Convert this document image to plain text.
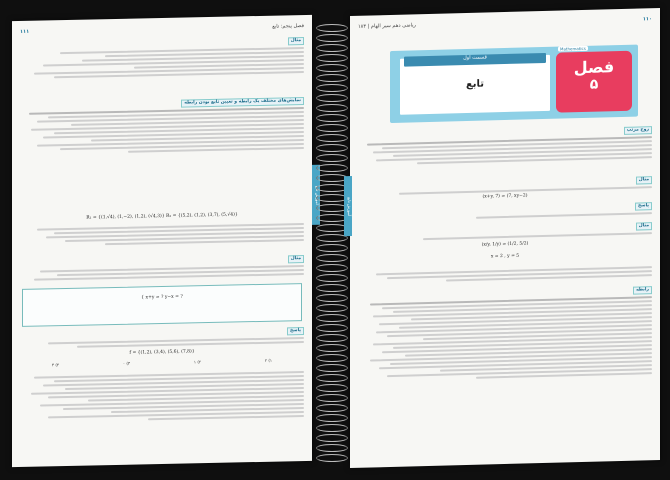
فصل پنجم: تابع
۱۱۱
آموزش تابع
مثال
نمایش‌های مختلف یک رابطه و تعیین تابع بودن رابطه
R₁ = {(1,√4), (1,−2), (1,2), (√4,3)} R₂ = {(5,2), (1,2), (3,7), (5,√4)}
مثال
{ x+y = ? y−x = ?
پاسخ
f = {(1,2), (3,4), (5,6), (7,8)}
۱) ۲
۲) ۱
۳) ۰
۴) ۳
۱۱۰
ریاضی دهم سیر الهام | ۱۸۳
آموزش تابع
قسمت اول
تابع
Mathematics
فصل
۵
زوج مرتب
مثال
(x+y, 7) = (7, xy−2)
پاسخ
مثال
(x/y, 1/y) = (1/2, 5/2)
x = 2 , y = 5
رابطه
